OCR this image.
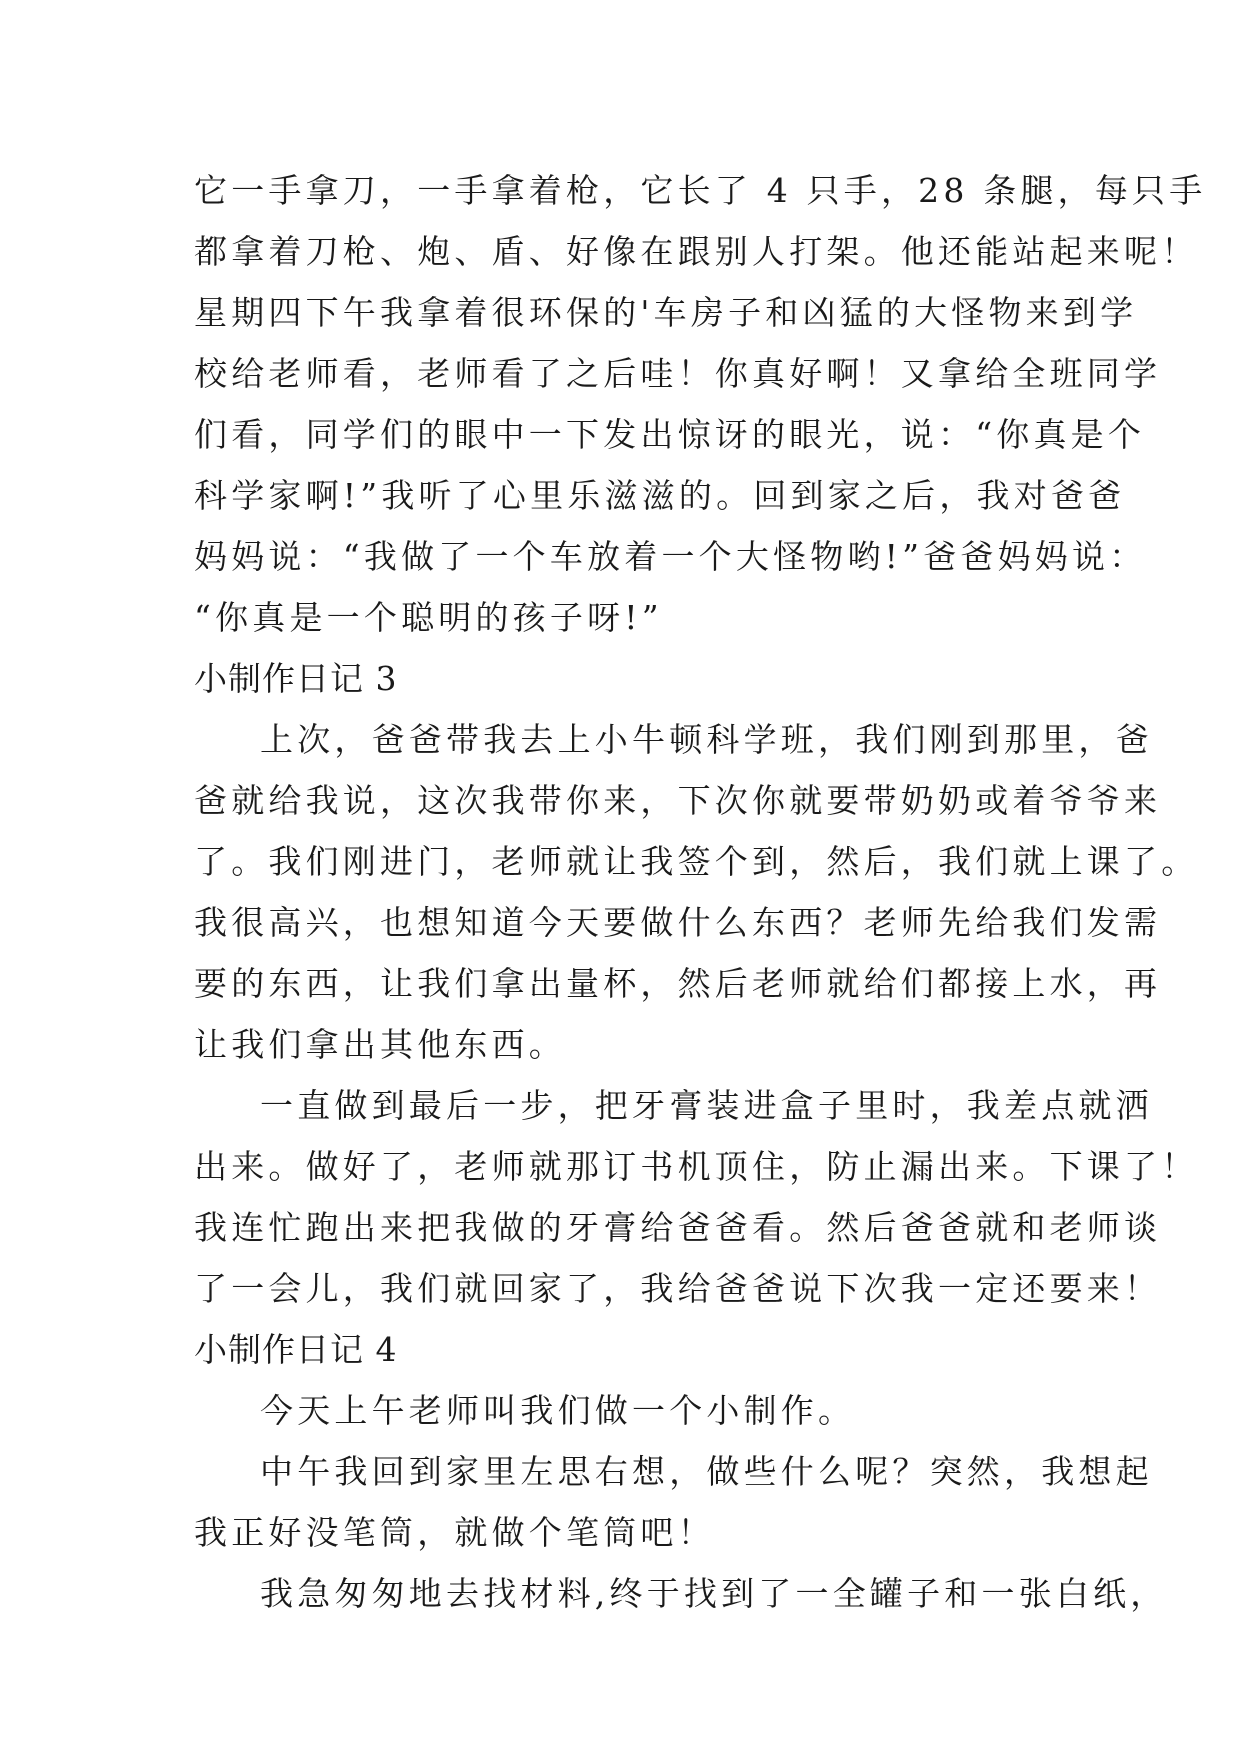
它一手拿刀，一手拿着枪，它长了 4 只手，28 条腿，每只手
都拿着刀枪、炮、盾、好像在跟别人打架。他还能站起来呢！
星期四下午我拿着很环保的'车房子和凶猛的大怪物来到学
校给老师看，老师看了之后哇！你真好啊！又拿给全班同学
们看，同学们的眼中一下发出惊讶的眼光，说：“你真是个
科学家啊!”我听了心里乐滋滋的。回到家之后，我对爸爸
妈妈说：“我做了一个车放着一个大怪物哟!”爸爸妈妈说：
“你真是一个聪明的孩子呀!”
小制作日记 3
上次，爸爸带我去上小牛顿科学班，我们刚到那里，爸
爸就给我说，这次我带你来，下次你就要带奶奶或着爷爷来
了。我们刚进门，老师就让我签个到，然后，我们就上课了。
我很高兴，也想知道今天要做什么东西？老师先给我们发需
要的东西，让我们拿出量杯，然后老师就给们都接上水，再
让我们拿出其他东西。
一直做到最后一步，把牙膏装进盒子里时，我差点就洒
出来。做好了，老师就那订书机顶住，防止漏出来。下课了！
我连忙跑出来把我做的牙膏给爸爸看。然后爸爸就和老师谈
了一会儿，我们就回家了，我给爸爸说下次我一定还要来！
小制作日记 4
今天上午老师叫我们做一个小制作。
中午我回到家里左思右想，做些什么呢？突然，我想起
我正好没笔筒，就做个笔筒吧！
我急匆匆地去找材料,终于找到了一全罐子和一张白纸，
